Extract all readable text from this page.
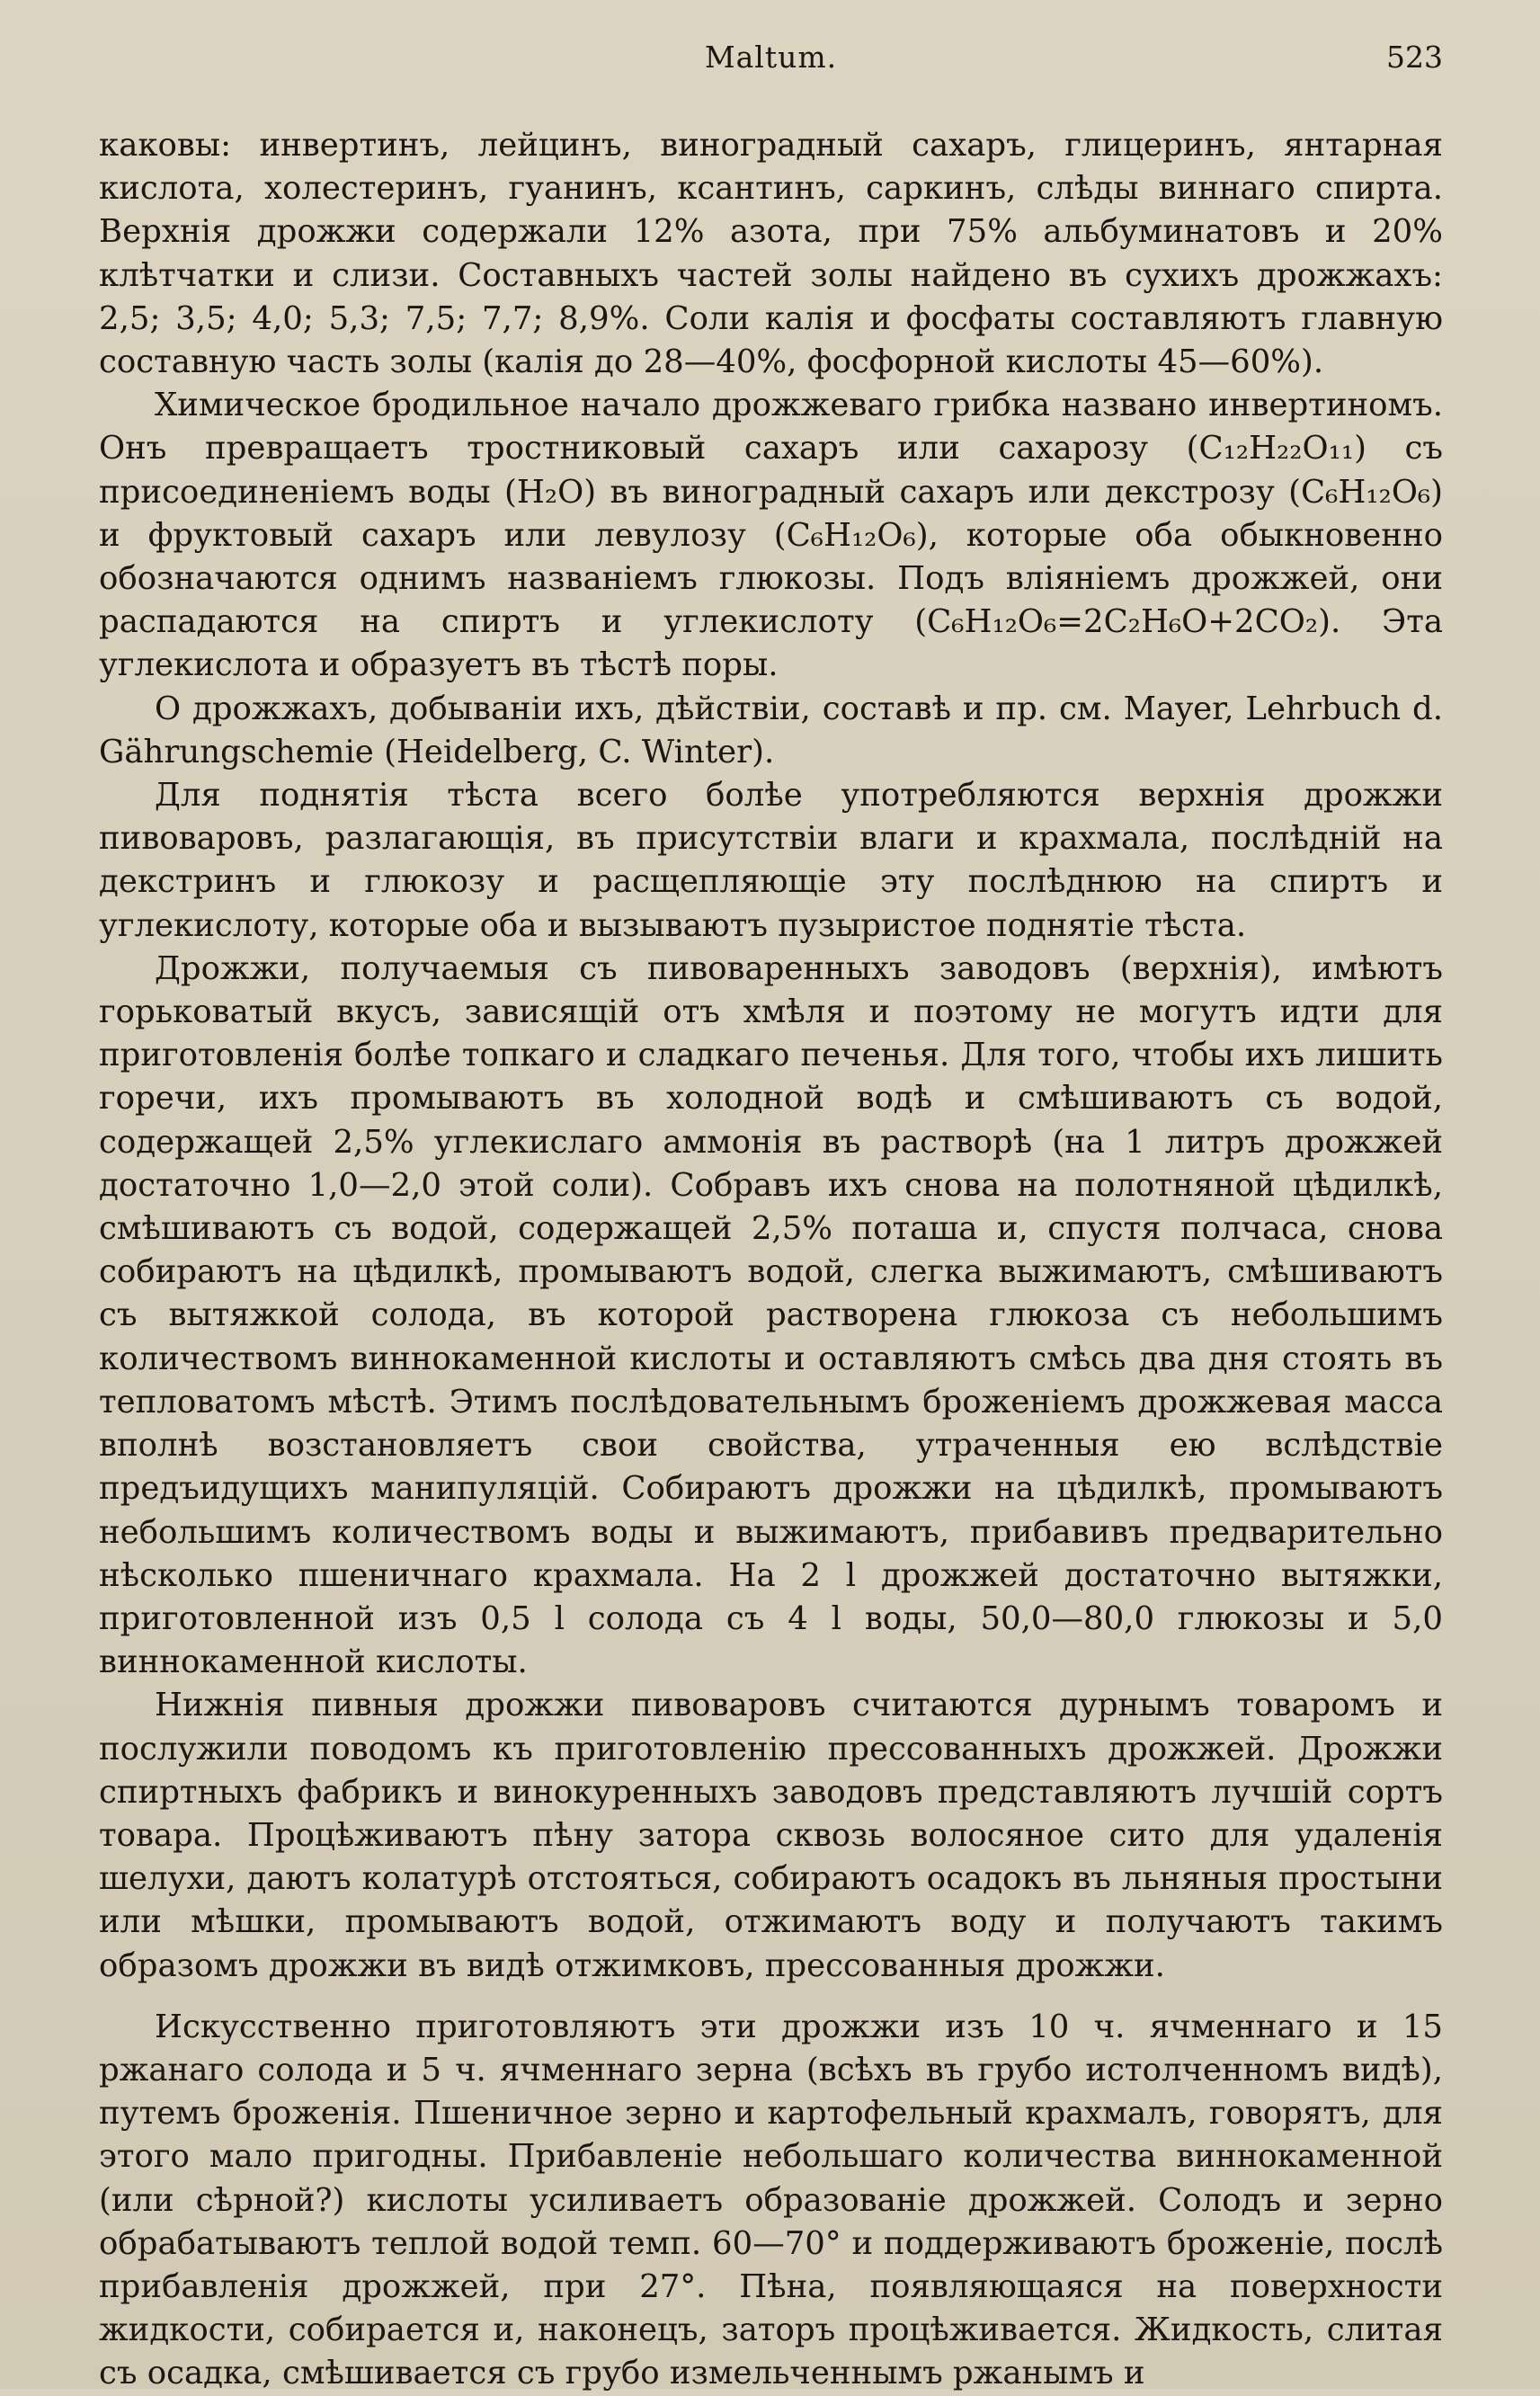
Maltum.	523

каковы: инвертинъ, лейцинъ, виноградный сахаръ, глицеринъ, янтарная кислота, холестеринъ, гуанинъ, ксантинъ, саркинъ, слѣды виннаго спирта. Верхнія дрожжи содержали 12% азота, при 75% альбуминатовъ и 20% клѣтчатки и слизи. Составныхъ частей золы найдено въ сухихъ дрожжахъ: 2,5; 3,5; 4,0; 5,3; 7,5; 7,7; 8,9%. Соли калія и фосфаты составляютъ главную составную часть золы (калія до 28—40%, фосфорной кислоты 45—60%).

Химическое бродильное начало дрожжеваго грибка названо инвертиномъ. Онъ превращаетъ тростниковый сахаръ или сахарозу (C₁₂H₂₂O₁₁) съ присоединеніемъ воды (H₂O) въ виноградный сахаръ или декстрозу (C₆H₁₂O₆) и фруктовый сахаръ или левулозу (C₆H₁₂O₆), которые оба обыкновенно обозначаются однимъ названіемъ глюкозы. Подъ вліяніемъ дрожжей, они распадаются на спиртъ и углекислоту (C₆H₁₂O₆=2C₂H₆O+2CO₂). Эта углекислота и образуетъ въ тѣстѣ поры.

О дрожжахъ, добываніи ихъ, дѣйствіи, составѣ и пр. см. Mayer, Lehrbuch d. Gährungschemie (Heidelberg, C. Winter).

Для поднятія тѣста всего болѣе употребляются верхнія дрожжи пивоваровъ, разлагающія, въ присутствіи влаги и крахмала, послѣдній на декстринъ и глюкозу и расщепляющіе эту послѣднюю на спиртъ и углекислоту, которые оба и вызываютъ пузыристое поднятіе тѣста.

Дрожжи, получаемыя съ пивоваренныхъ заводовъ (верхнія), имѣютъ горьковатый вкусъ, зависящій отъ хмѣля и поэтому не могутъ идти для приготовленія болѣе топкаго и сладкаго печенья. Для того, чтобы ихъ лишить горечи, ихъ промываютъ въ холодной водѣ и смѣшиваютъ съ водой, содержащей 2,5% углекислаго аммонія въ растворѣ (на 1 литръ дрожжей достаточно 1,0—2,0 этой соли). Собравъ ихъ снова на полотняной цѣдилкѣ, смѣшиваютъ съ водой, содержащей 2,5% поташа и, спустя полчаса, снова собираютъ на цѣдилкѣ, промываютъ водой, слегка выжимаютъ, смѣшиваютъ съ вытяжкой солода, въ которой растворена глюкоза съ небольшимъ количествомъ виннокаменной кислоты и оставляютъ смѣсь два дня стоять въ тепловатомъ мѣстѣ. Этимъ послѣдовательнымъ броженіемъ дрожжевая масса вполнѣ возстановляетъ свои свойства, утраченныя ею вслѣдствіе предъидущихъ манипуляцій. Собираютъ дрожжи на цѣдилкѣ, промываютъ небольшимъ количествомъ воды и выжимаютъ, прибавивъ предварительно нѣсколько пшеничнаго крахмала. На 2 l дрожжей достаточно вытяжки, приготовленной изъ 0,5 l солода съ 4 l воды, 50,0—80,0 глюкозы и 5,0 виннокаменной кислоты.

Нижнія пивныя дрожжи пивоваровъ считаются дурнымъ товаромъ и послужили поводомъ къ приготовленію прессованныхъ дрожжей. Дрожжи спиртныхъ фабрикъ и винокуренныхъ заводовъ представляютъ лучшій сортъ товара. Процѣживаютъ пѣну затора сквозь волосяное сито для удаленія шелухи, даютъ колатурѣ отстояться, собираютъ осадокъ въ льняныя простыни или мѣшки, промываютъ водой, отжимаютъ воду и получаютъ такимъ образомъ дрожжи въ видѣ отжимковъ, прессованныя дрожжи.

Искусственно приготовляютъ эти дрожжи изъ 10 ч. ячменнаго и 15 ржанаго солода и 5 ч. ячменнаго зерна (всѣхъ въ грубо истолченномъ видѣ), путемъ броженія. Пшеничное зерно и картофельный крахмалъ, говорятъ, для этого мало пригодны. Прибавленіе небольшаго количества виннокаменной (или сѣрной?) кислоты усиливаетъ образованіе дрожжей. Солодъ и зерно обрабатываютъ теплой водой темп. 60—70° и поддерживаютъ броженіе, послѣ прибавленія дрожжей, при 27°. Пѣна, появляющаяся на поверхности жидкости, собирается и, наконецъ, заторъ процѣживается. Жидкость, слитая съ осадка, смѣшивается съ грубо измельченнымъ ржанымъ и
